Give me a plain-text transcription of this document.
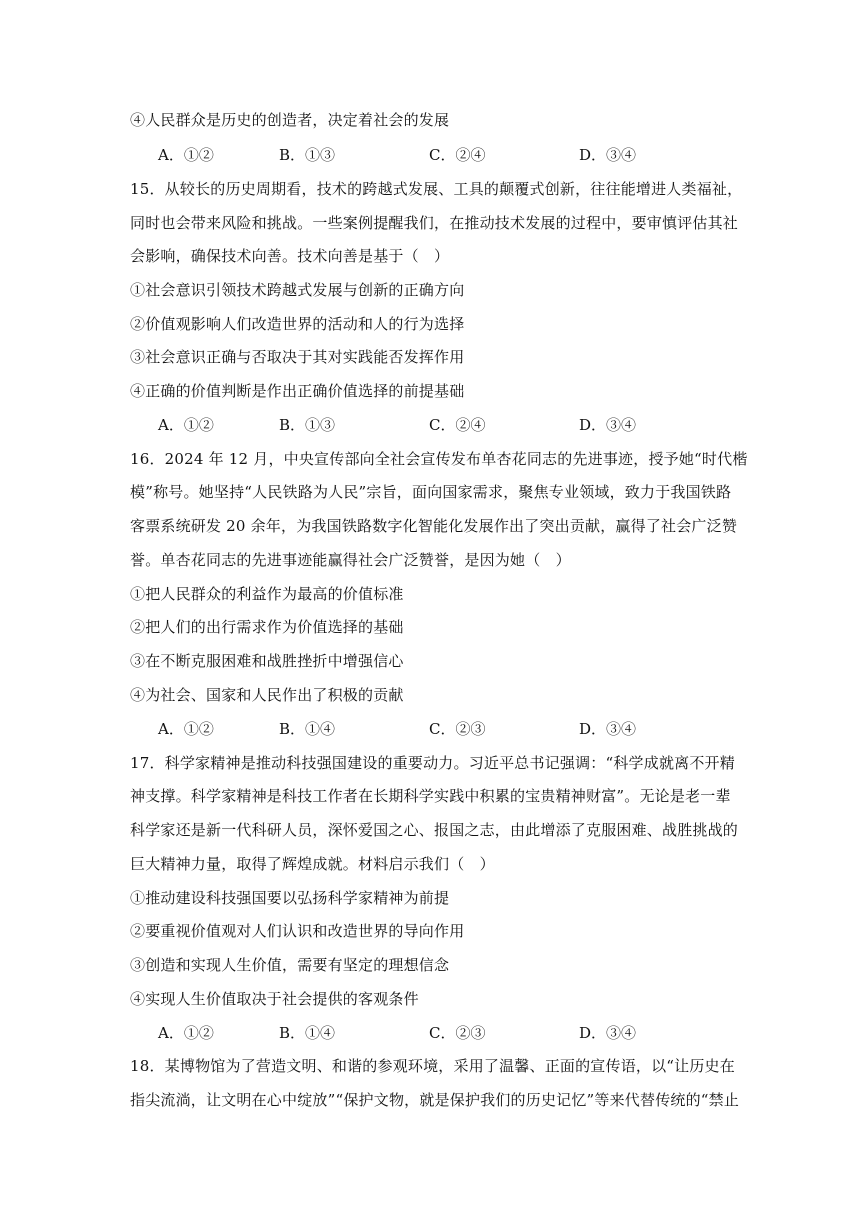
④人民群众是历史的创造者，决定着社会的发展
A．①②	B．①③	C．②④	D．③④
15．从较长的历史周期看，技术的跨越式发展、工具的颠覆式创新，往往能增进人类福祉，
同时也会带来风险和挑战。一些案例提醒我们，在推动技术发展的过程中，要审慎评估其社
会影响，确保技术向善。技术向善是基于（　）
①社会意识引领技术跨越式发展与创新的正确方向
②价值观影响人们改造世界的活动和人的行为选择
③社会意识正确与否取决于其对实践能否发挥作用
④正确的价值判断是作出正确价值选择的前提基础
A．①②	B．①③	C．②④	D．③④
16．2024 年 12 月，中央宣传部向全社会宣传发布单杏花同志的先进事迹，授予她“时代楷
模”称号。她坚持“人民铁路为人民”宗旨，面向国家需求，聚焦专业领域，致力于我国铁路
客票系统研发 20 余年，为我国铁路数字化智能化发展作出了突出贡献，赢得了社会广泛赞
誉。单杏花同志的先进事迹能赢得社会广泛赞誉，是因为她（　）
①把人民群众的利益作为最高的价值标准
②把人们的出行需求作为价值选择的基础
③在不断克服困难和战胜挫折中增强信心
④为社会、国家和人民作出了积极的贡献
A．①②	B．①④	C．②③	D．③④
17．科学家精神是推动科技强国建设的重要动力。习近平总书记强调：“科学成就离不开精
神支撑。科学家精神是科技工作者在长期科学实践中积累的宝贵精神财富”。无论是老一辈
科学家还是新一代科研人员，深怀爱国之心、报国之志，由此增添了克服困难、战胜挑战的
巨大精神力量，取得了辉煌成就。材料启示我们（　）
①推动建设科技强国要以弘扬科学家精神为前提
②要重视价值观对人们认识和改造世界的导向作用
③创造和实现人生价值，需要有坚定的理想信念
④实现人生价值取决于社会提供的客观条件
A．①②	B．①④	C．②③	D．③④
18．某博物馆为了营造文明、和谐的参观环境，采用了温馨、正面的宣传语，以“让历史在
指尖流淌，让文明在心中绽放”“保护文物，就是保护我们的历史记忆”等来代替传统的“禁止
